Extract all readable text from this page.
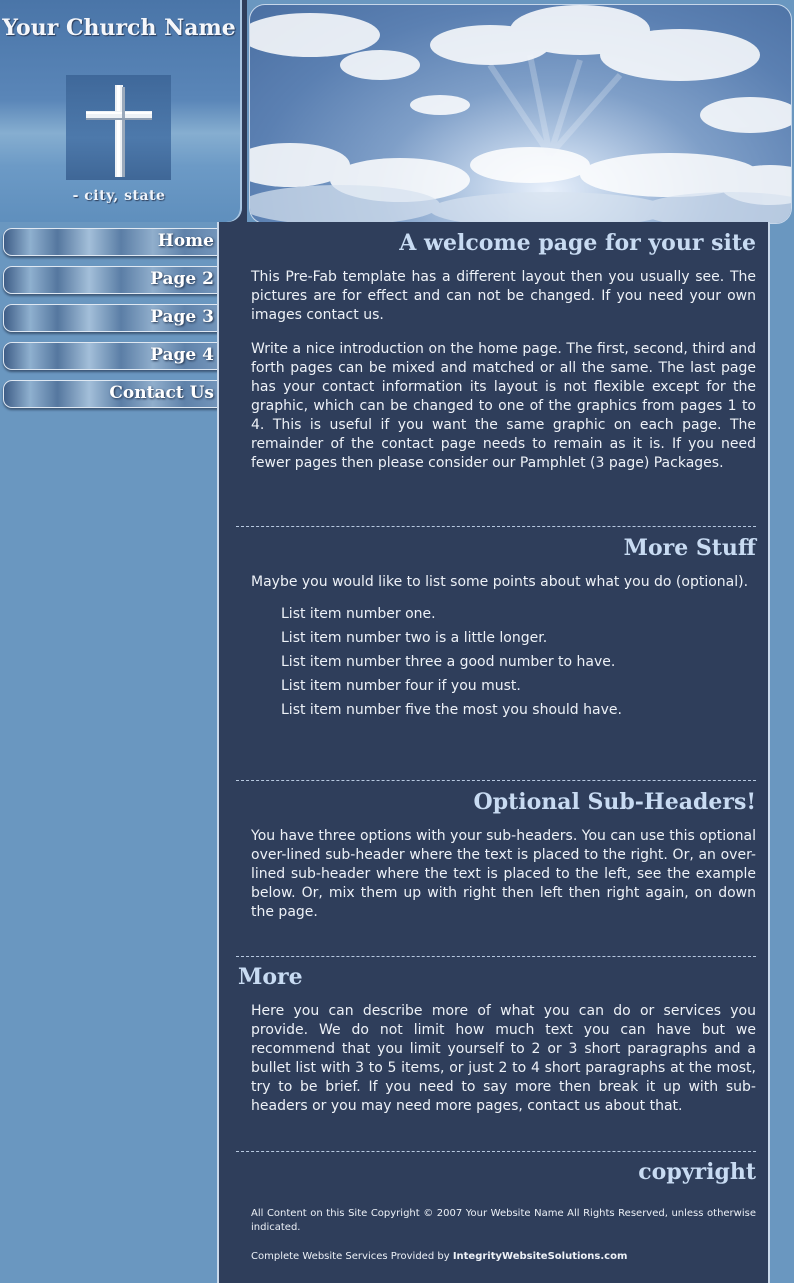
Your Church Name
- city, state
Home
Page 2
Page 3
Page 4
Contact Us
A welcome page for your site

This Pre-Fab template has a different layout then you usually see. The pictures are for effect and can not be changed. If you need your own images contact us.

Write a nice introduction on the home page. The first, second, third and forth pages can be mixed and matched or all the same. The last page has your contact information its layout is not flexible except for the graphic, which can be changed to one of the graphics from pages 1 to 4. This is useful if you want the same graphic on each page. The remainder of the contact page needs to remain as it is. If you need fewer pages then please consider our Pamphlet (3 page) Packages.

More Stuff

Maybe you would like to list some points about what you do (optional).

List item number one.
List item number two is a little longer.
List item number three a good number to have.
List item number four if you must.
List item number five the most you should have.
Optional Sub-Headers!

You have three options with your sub-headers. You can use this optional over-lined sub-header where the text is placed to the right. Or, an over-lined sub-header where the text is placed to the left, see the example below. Or, mix them up with right then left then right again, on down the page.

More

Here you can describe more of what you can do or services you provide. We do not limit how much text you can have but we recommend that you limit yourself to 2 or 3 short paragraphs and a bullet list with 3 to 5 items, or just 2 to 4 short paragraphs at the most, try to be brief. If you need to say more then break it up with sub-headers or you may need more pages, contact us about that.

copyright
All Content on this Site Copyright © 2007 Your Website Name All Rights Reserved, unless otherwise indicated.
Complete Website Services Provided by IntegrityWebsiteSolutions.com
